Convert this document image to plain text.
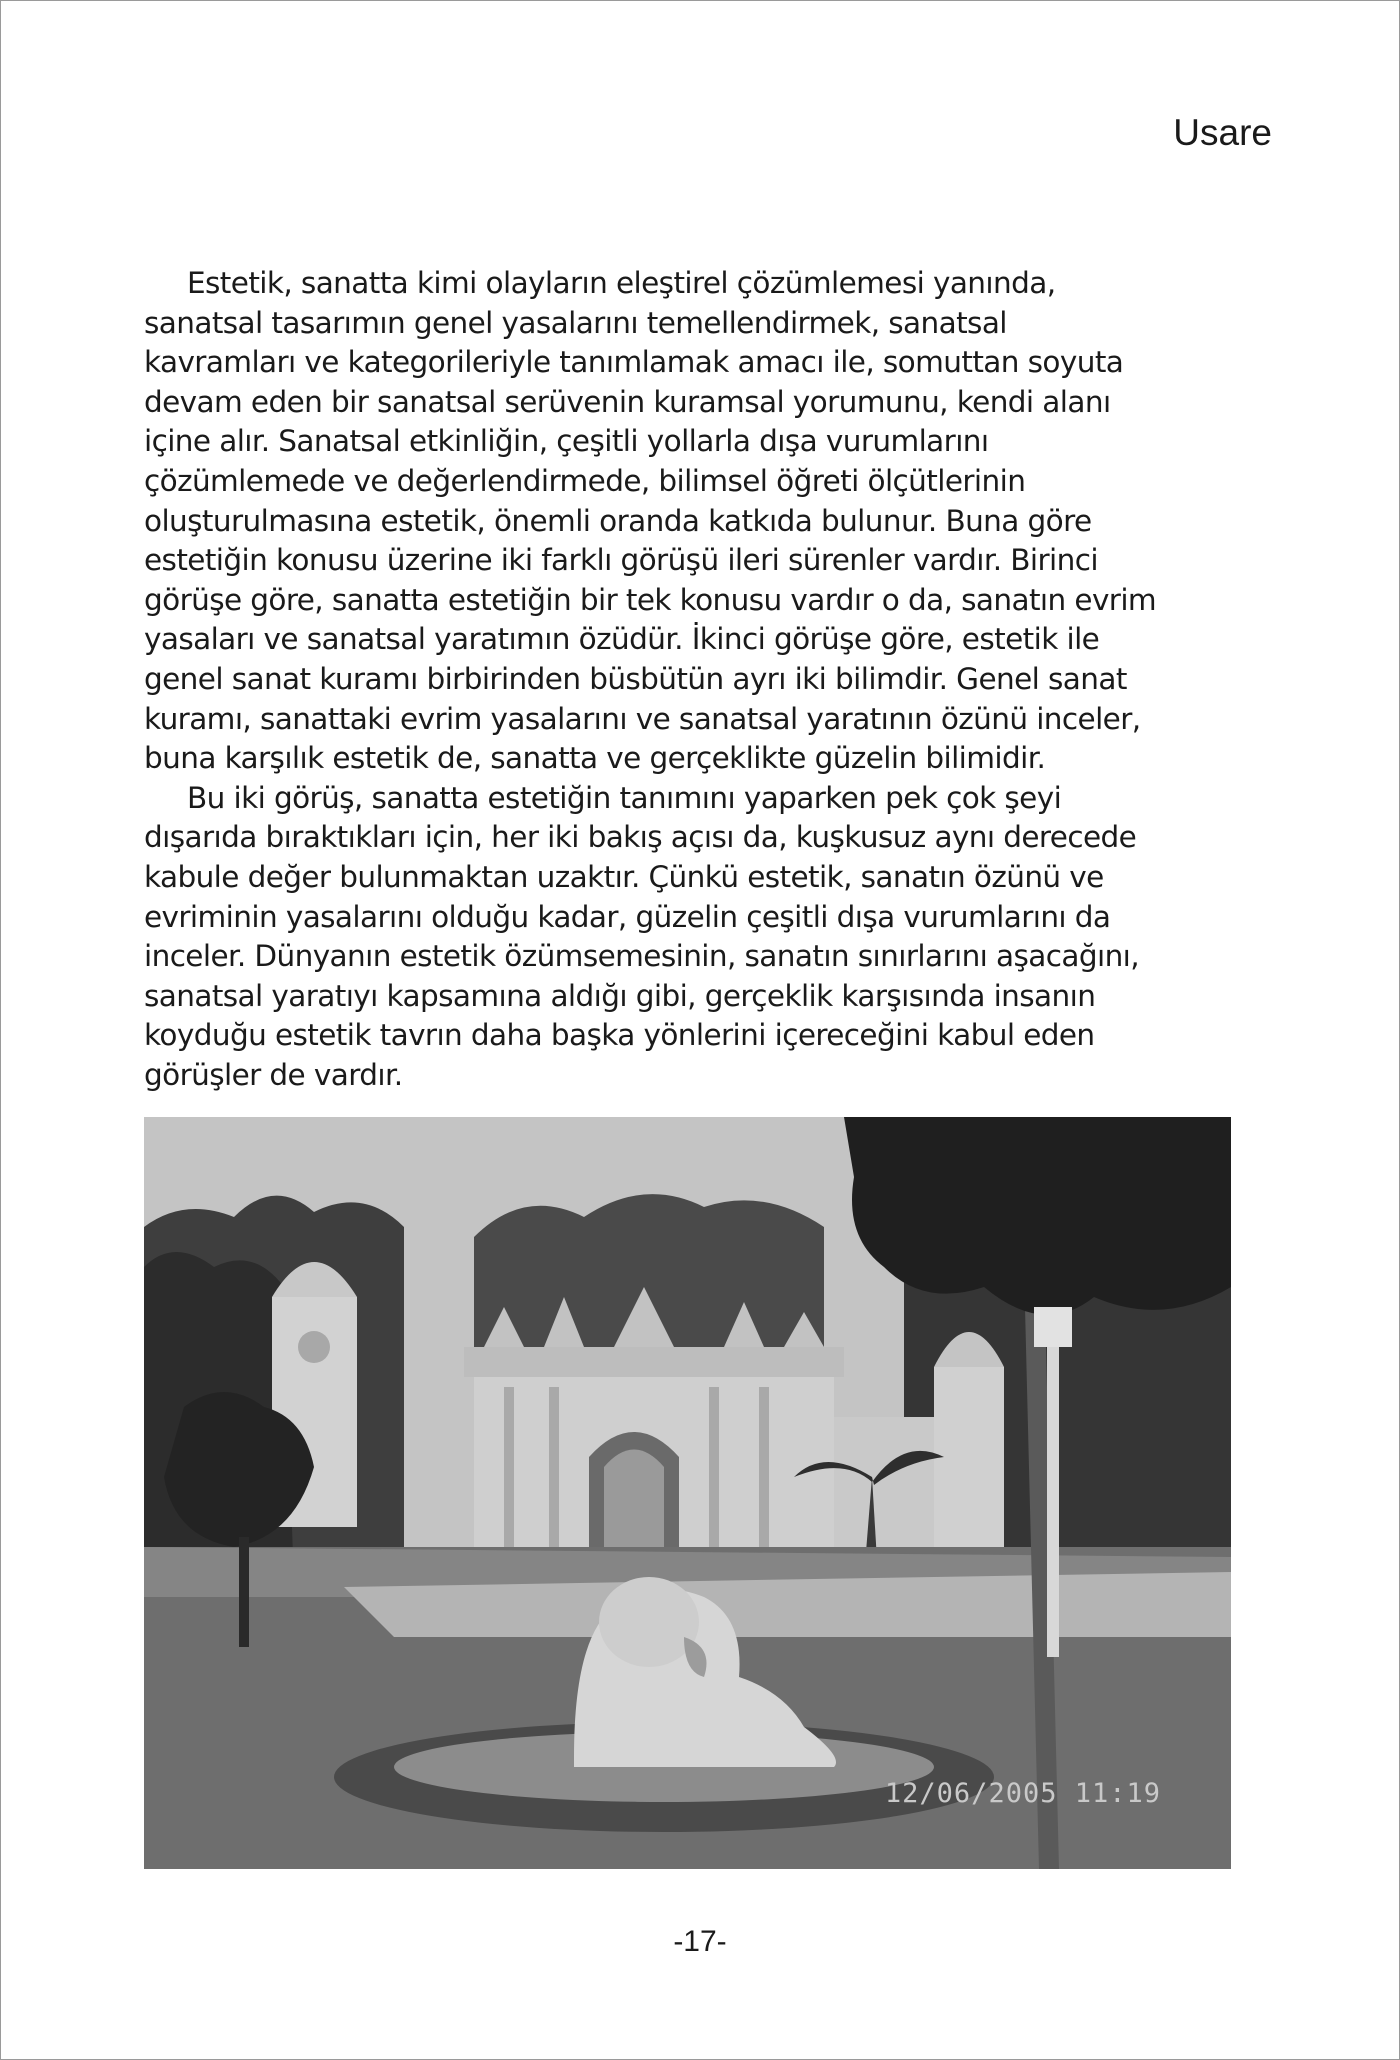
Usare
Estetik, sanatta kimi olayların eleştirel çözümlemesi yanında,
sanatsal tasarımın genel yasalarını temellendirmek, sanatsal
kavramları ve kategorileriyle tanımlamak amacı ile, somuttan soyuta
devam eden bir sanatsal serüvenin kuramsal yorumunu, kendi alanı
içine alır. Sanatsal etkinliğin, çeşitli yollarla dışa vurumlarını
çözümlemede ve değerlendirmede, bilimsel öğreti ölçütlerinin
oluşturulmasına estetik, önemli oranda katkıda bulunur. Buna göre
estetiğin konusu üzerine iki farklı görüşü ileri sürenler vardır. Birinci
görüşe göre, sanatta estetiğin bir tek konusu vardır o da, sanatın evrim
yasaları ve sanatsal yaratımın özüdür. İkinci görüşe göre, estetik ile
genel sanat kuramı birbirinden büsbütün ayrı iki bilimdir. Genel sanat
kuramı, sanattaki evrim yasalarını ve sanatsal yaratının özünü inceler,
buna karşılık estetik de, sanatta ve gerçeklikte güzelin bilimidir.
Bu iki görüş, sanatta estetiğin tanımını yaparken pek çok şeyi
dışarıda bıraktıkları için, her iki bakış açısı da, kuşkusuz aynı derecede
kabule değer bulunmaktan uzaktır. Çünkü estetik, sanatın özünü ve
evriminin yasalarını olduğu kadar, güzelin çeşitli dışa vurumlarını da
inceler. Dünyanın estetik özümsemesinin, sanatın sınırlarını aşacağını,
sanatsal yaratıyı kapsamına aldığı gibi, gerçeklik karşısında insanın
koyduğu estetik tavrın daha başka yönlerini içereceğini kabul eden
görüşler de vardır.
12/06/2005 11:19
-17-
